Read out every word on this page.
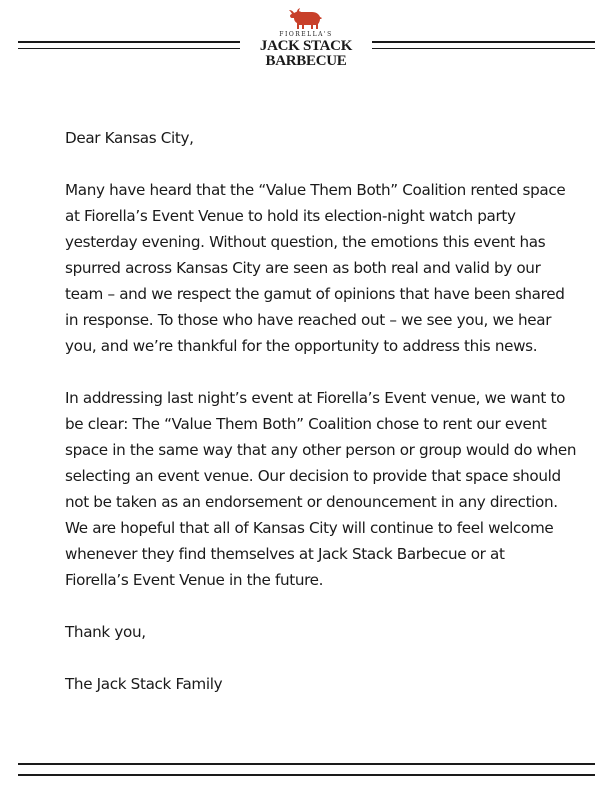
FIORELLA'S
JACK STACK
BARBECUE
Dear Kansas City,
Many have heard that the “Value Them Both” Coalition rented space
at Fiorella’s Event Venue to hold its election-night watch party
yesterday evening. Without question, the emotions this event has
spurred across Kansas City are seen as both real and valid by our
team – and we respect the gamut of opinions that have been shared
in response. To those who have reached out – we see you, we hear
you, and we’re thankful for the opportunity to address this news.
In addressing last night’s event at Fiorella’s Event venue, we want to
be clear: The “Value Them Both” Coalition chose to rent our event
space in the same way that any other person or group would do when
selecting an event venue. Our decision to provide that space should
not be taken as an endorsement or denouncement in any direction.
We are hopeful that all of Kansas City will continue to feel welcome
whenever they find themselves at Jack Stack Barbecue or at
Fiorella’s Event Venue in the future.
Thank you,
The Jack Stack Family
